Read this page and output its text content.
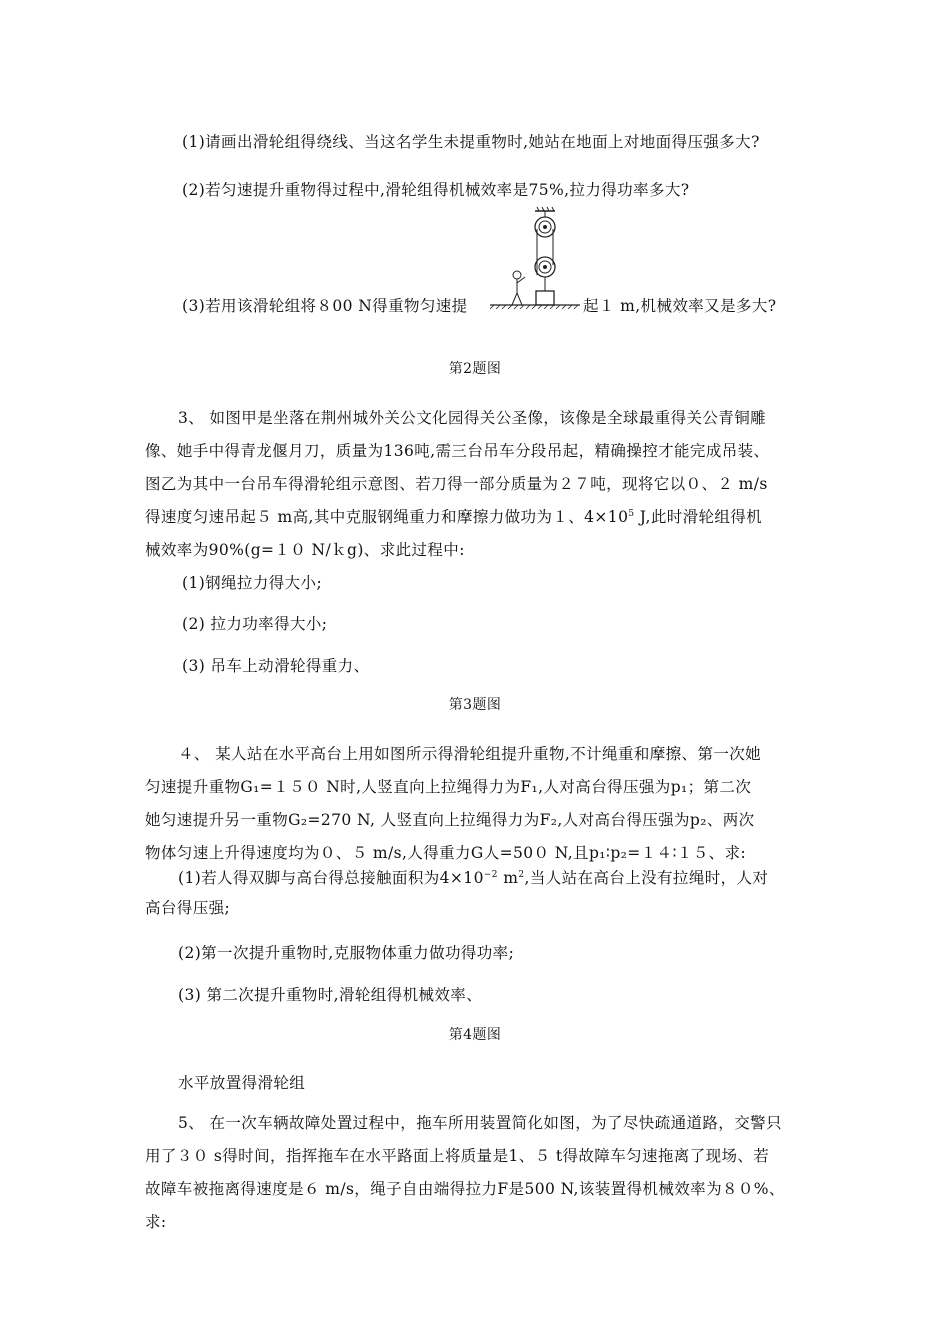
(1)请画出滑轮组得绕线、当这名学生未提重物时,她站在地面上对地面得压强多大?
(2)若匀速提升重物得过程中,滑轮组得机械效率是75%,拉力得功率多大?
(3)若用该滑轮组将８00 N得重物匀速提	起１ m,机械效率又是多大?
第2题图
3、 如图甲是坐落在荆州城外关公文化园得关公圣像，该像是全球最重得关公青铜雕
像、她手中得青龙偃月刀，质量为136吨,需三台吊车分段吊起，精确操控才能完成吊装、
图乙为其中一台吊车得滑轮组示意图、若刀得一部分质量为２７吨，现将它以０、２ m/s
得速度匀速吊起５ m高,其中克服钢绳重力和摩擦力做功为１、$4\times 10^5$ J,此时滑轮组得机
械效率为90%(g=１０ N/ｋg)、求此过程中:
(1)钢绳拉力得大小;
(2) 拉力功率得大小;
(3) 吊车上动滑轮得重力、
第3题图
４、 某人站在水平高台上用如图所示得滑轮组提升重物,不计绳重和摩擦、第一次她
匀速提升重物G₁=１５０ N时,人竖直向上拉绳得力为F₁,人对高台得压强为p₁；第二次
她匀速提升另一重物G₂=270 N, 人竖直向上拉绳得力为F₂,人对高台得压强为p₂、两次
物体匀速上升得速度均为０、５ m/s,人得重力G人=50０ N,且p₁∶p₂=１４∶１５、求:
(1)若人得双脚与高台得总接触面积为$4\times 10^{-2}$ $m^2$,当人站在高台上没有拉绳时，人对
高台得压强;
(2)第一次提升重物时,克服物体重力做功得功率;
(3) 第二次提升重物时,滑轮组得机械效率、
第4题图
水平放置得滑轮组
5、 在一次车辆故障处置过程中，拖车所用装置简化如图，为了尽快疏通道路，交警只
用了３０ s得时间，指挥拖车在水平路面上将质量是1、５ t得故障车匀速拖离了现场、若
故障车被拖离得速度是６ m/s，绳子自由端得拉力F是500 N,该装置得机械效率为８０%、
求:
